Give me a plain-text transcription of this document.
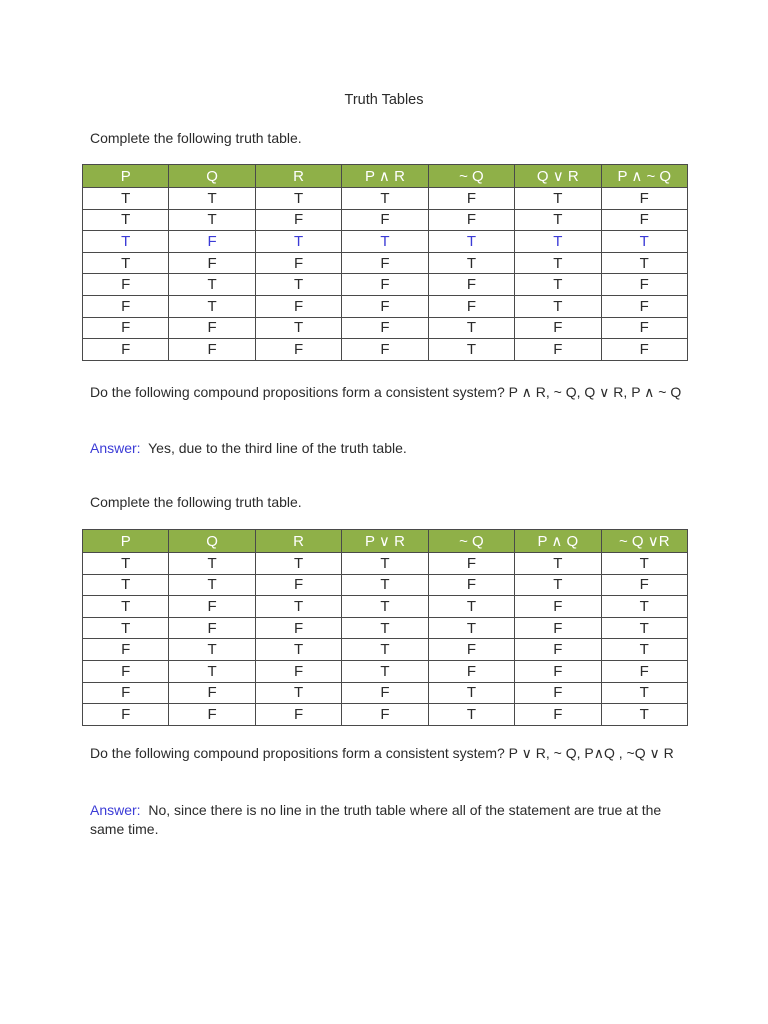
Truth Tables
Complete the following truth table.
P	Q	R	P ∧ R	~ Q	Q ∨ R	P ∧ ~ Q
T	T	T	T	F	T	F
T	T	F	F	F	T	F
T	F	T	T	T	T	T
T	F	F	F	T	T	T
F	T	T	F	F	T	F
F	T	F	F	F	T	F
F	F	T	F	T	F	F
F	F	F	F	T	F	F
Do the following compound propositions form a consistent system? P ∧ R, ~ Q, Q ∨ R, P ∧ ~ Q
Answer:  Yes, due to the third line of the truth table.
Complete the following truth table.
P	Q	R	P ∨ R	~ Q	P ∧ Q	~ Q ∨R
T	T	T	T	F	T	T
T	T	F	T	F	T	F
T	F	T	T	T	F	T
T	F	F	T	T	F	T
F	T	T	T	F	F	T
F	T	F	T	F	F	F
F	F	T	F	T	F	T
F	F	F	F	T	F	T
Do the following compound propositions form a consistent system? P ∨ R, ~ Q, P∧Q , ~Q ∨ R
Answer:  No, since there is no line in the truth table where all of the statement are true at the same time.
